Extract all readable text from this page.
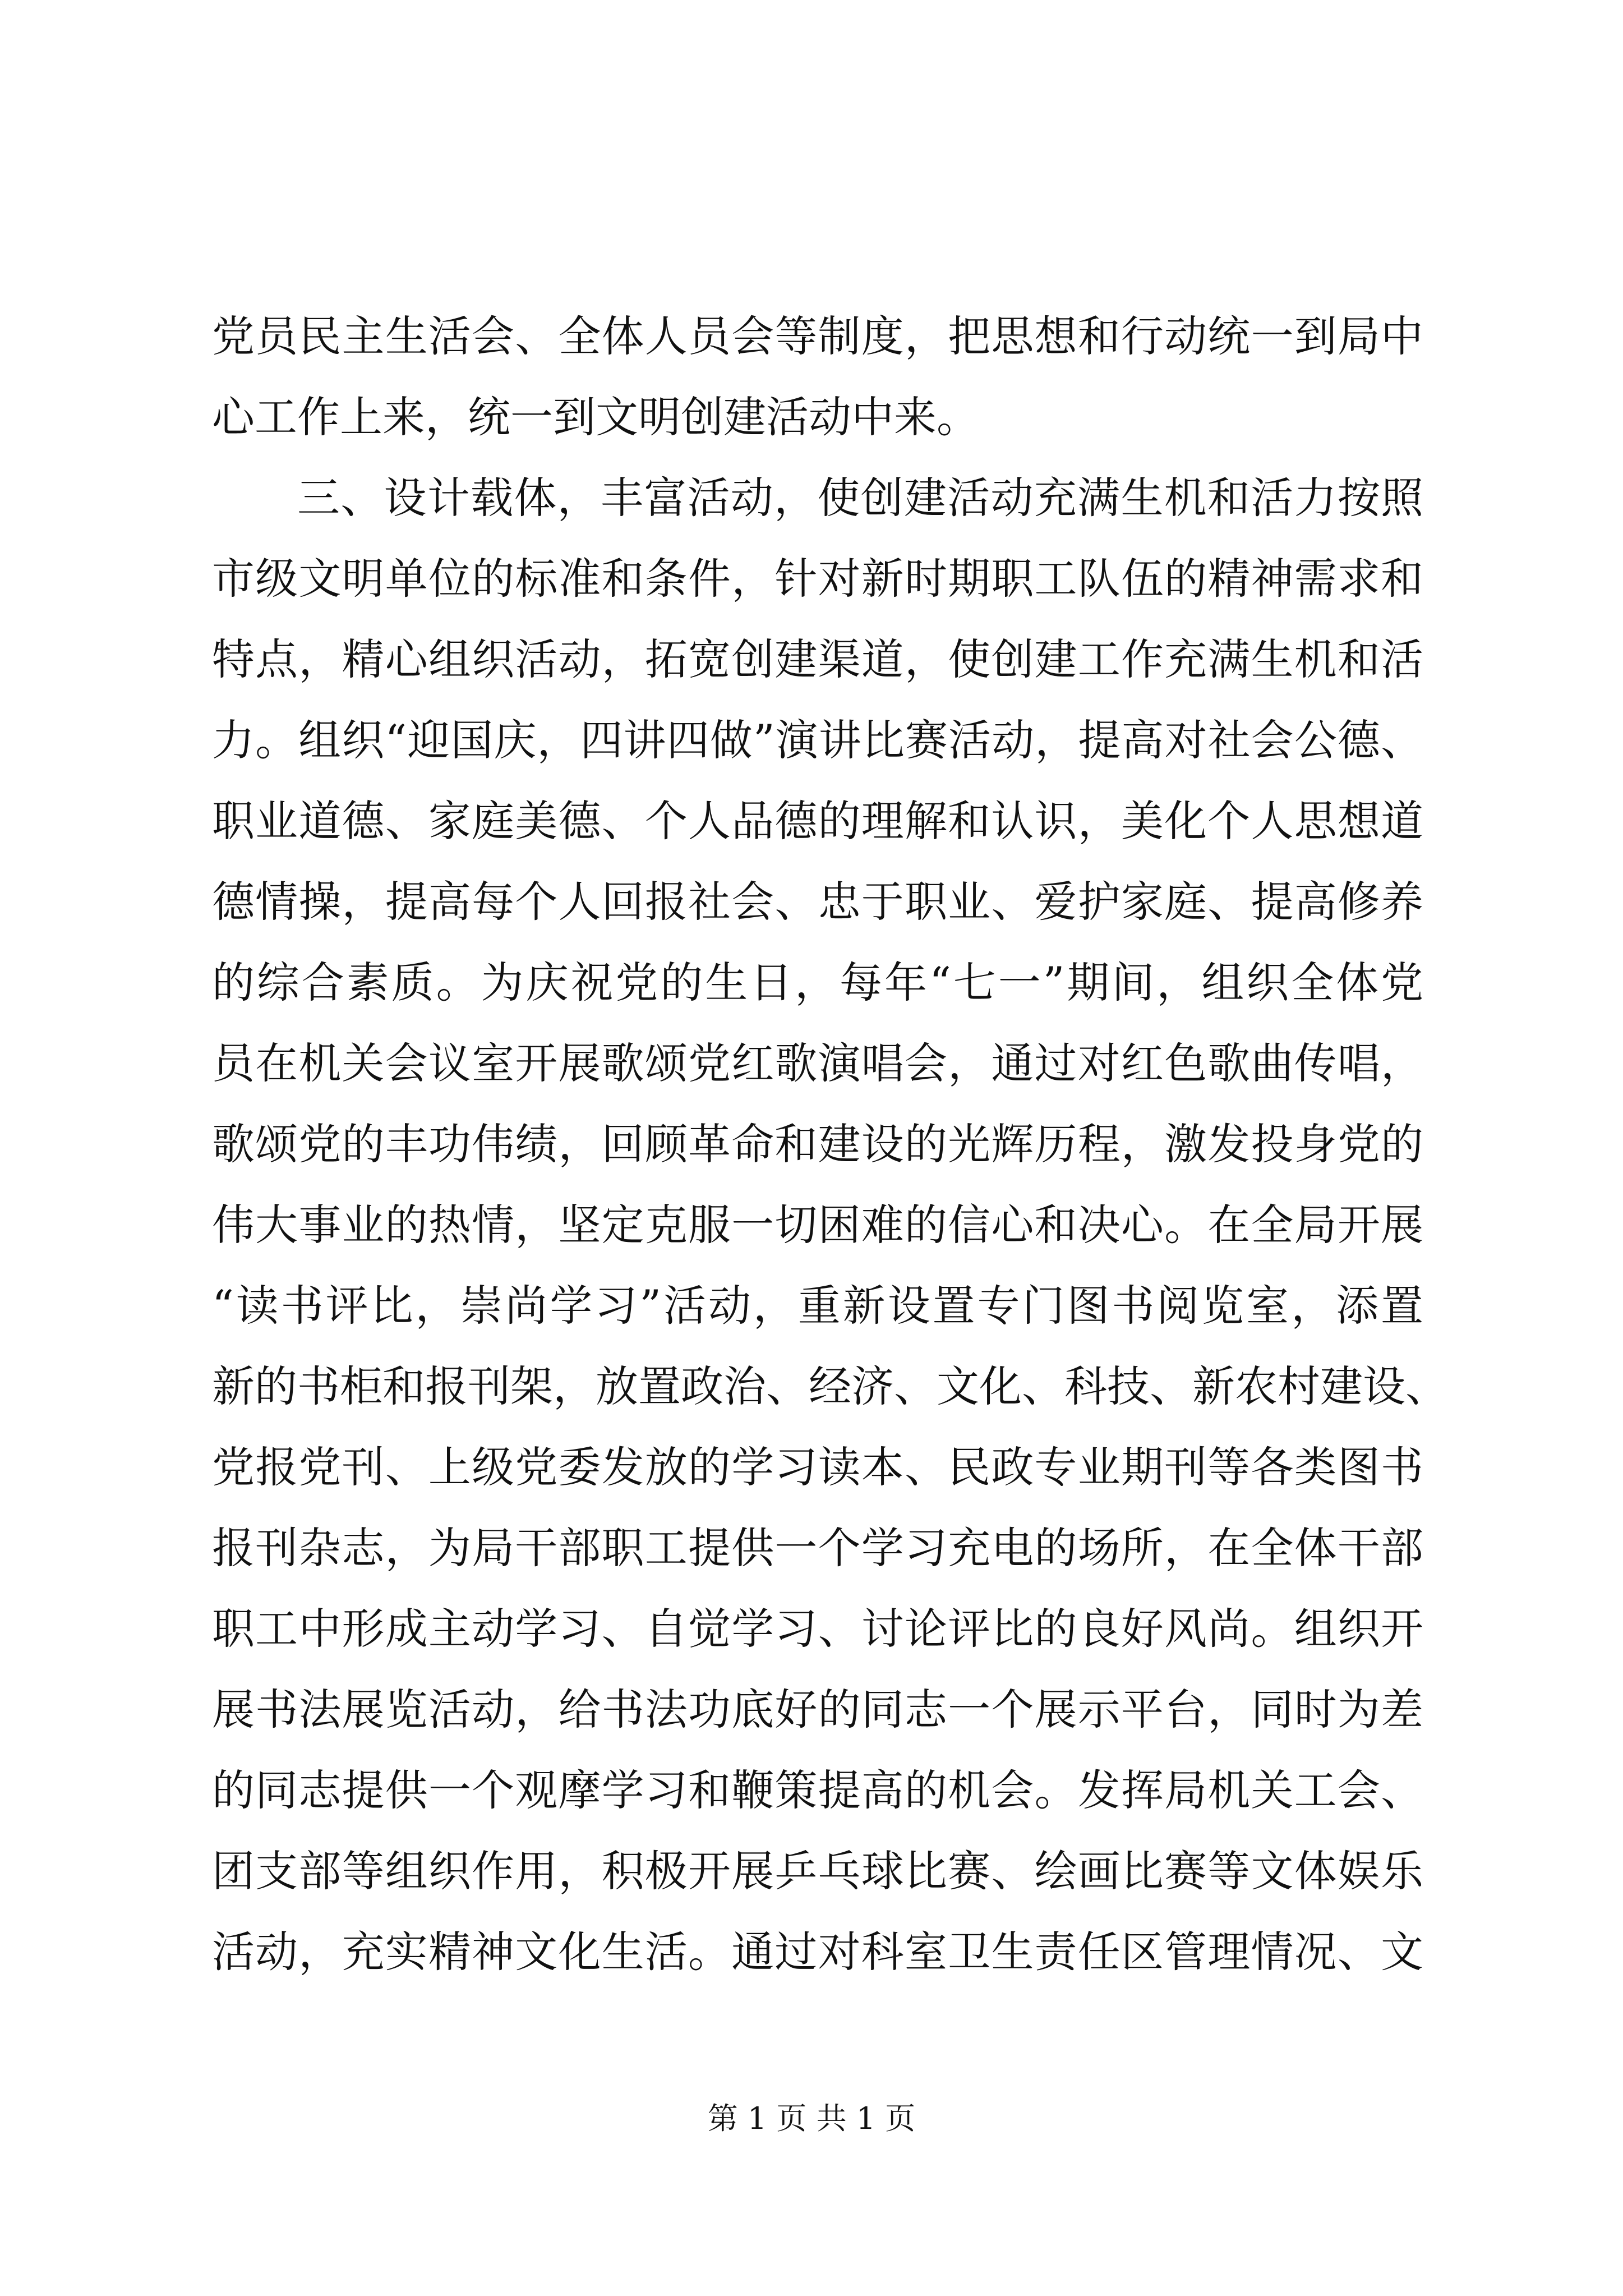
党员民主生活会、全体人员会等制度，把思想和行动统一到局中
心工作上来，统一到文明创建活动中来。
三、设计载体，丰富活动，使创建活动充满生机和活力按照
市级文明单位的标准和条件，针对新时期职工队伍的精神需求和
特点，精心组织活动，拓宽创建渠道，使创建工作充满生机和活
力。组织“迎国庆，四讲四做”演讲比赛活动，提高对社会公德、
职业道德、家庭美德、个人品德的理解和认识，美化个人思想道
德情操，提高每个人回报社会、忠于职业、爱护家庭、提高修养
的综合素质。为庆祝党的生日，每年“七一”期间，组织全体党
员在机关会议室开展歌颂党红歌演唱会，通过对红色歌曲传唱，
歌颂党的丰功伟绩，回顾革命和建设的光辉历程，激发投身党的
伟大事业的热情，坚定克服一切困难的信心和决心。在全局开展
“读书评比，崇尚学习”活动，重新设置专门图书阅览室，添置
新的书柜和报刊架，放置政治、经济、文化、科技、新农村建设、
党报党刊、上级党委发放的学习读本、民政专业期刊等各类图书
报刊杂志，为局干部职工提供一个学习充电的场所，在全体干部
职工中形成主动学习、自觉学习、讨论评比的良好风尚。组织开
展书法展览活动，给书法功底好的同志一个展示平台，同时为差
的同志提供一个观摩学习和鞭策提高的机会。发挥局机关工会、
团支部等组织作用，积极开展乒乓球比赛、绘画比赛等文体娱乐
活动，充实精神文化生活。通过对科室卫生责任区管理情况、文
第 1 页 共 1 页
